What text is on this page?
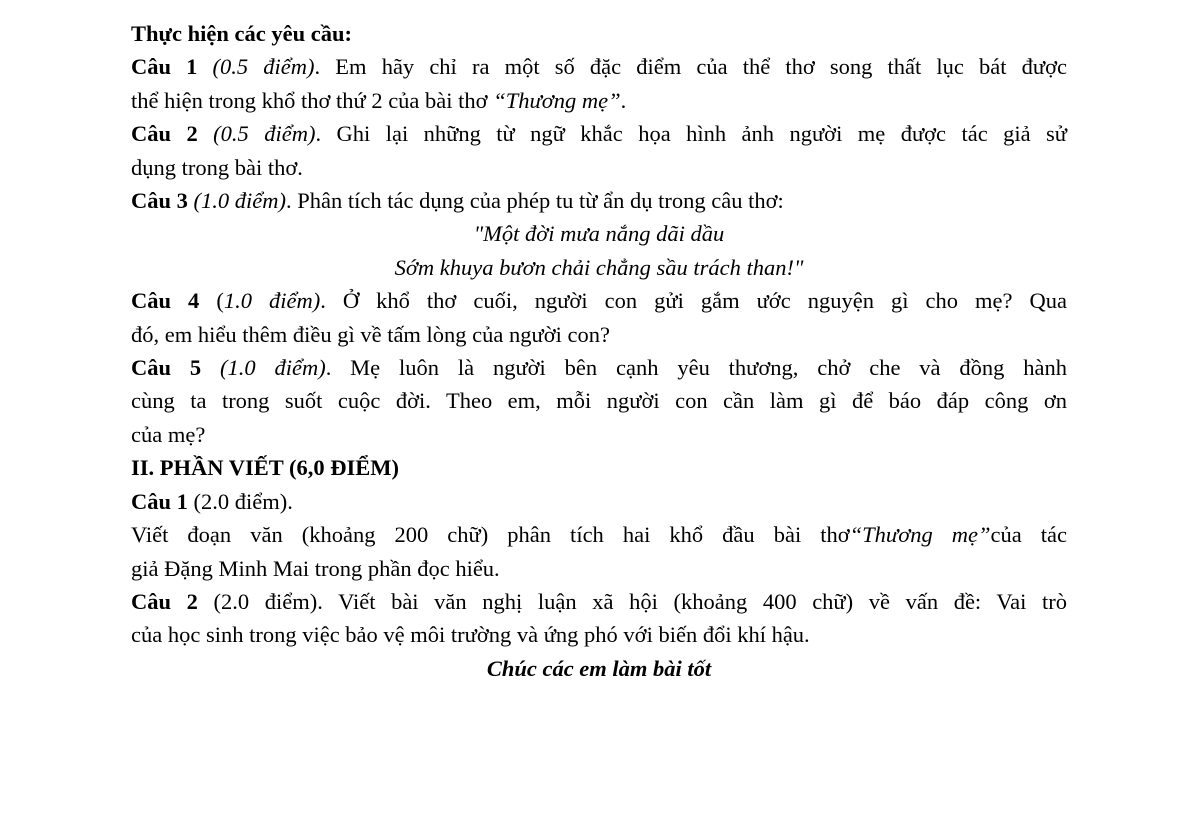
Thực hiện các yêu cầu:
Câu 1 (0.5 điểm). Em hãy chỉ ra một số đặc điểm của thể thơ song thất lục bát được
thể hiện trong khổ thơ thứ 2 của bài thơ “Thương mẹ”.
Câu 2 (0.5 điểm). Ghi lại những từ ngữ khắc họa hình ảnh người mẹ được tác giả sử
dụng trong bài thơ.
Câu 3 (1.0 điểm). Phân tích tác dụng của phép tu từ ẩn dụ trong câu thơ:
"Một đời mưa nắng dãi dầu
Sớm khuya bươn chải chẳng sầu trách than!"
Câu 4 (1.0 điểm). Ở khổ thơ cuối, người con gửi gắm ước nguyện gì cho mẹ? Qua
đó, em hiểu thêm điều gì về tấm lòng của người con?
Câu 5 (1.0 điểm). Mẹ luôn là người bên cạnh yêu thương, chở che và đồng hành
cùng ta trong suốt cuộc đời. Theo em, mỗi người con cần làm gì để báo đáp công ơn
của mẹ?
II. PHẦN VIẾT (6,0 ĐIỂM)
Câu 1 (2.0 điểm).
Viết đoạn văn (khoảng 200 chữ) phân tích hai khổ đầu bài thơ“Thương mẹ”của tác
giả Đặng Minh Mai trong phần đọc hiểu.
Câu 2 (2.0 điểm). Viết bài văn nghị luận xã hội (khoảng 400 chữ) về vấn đề: Vai trò
của học sinh trong việc bảo vệ môi trường và ứng phó với biến đổi khí hậu.
Chúc các em làm bài tốt
